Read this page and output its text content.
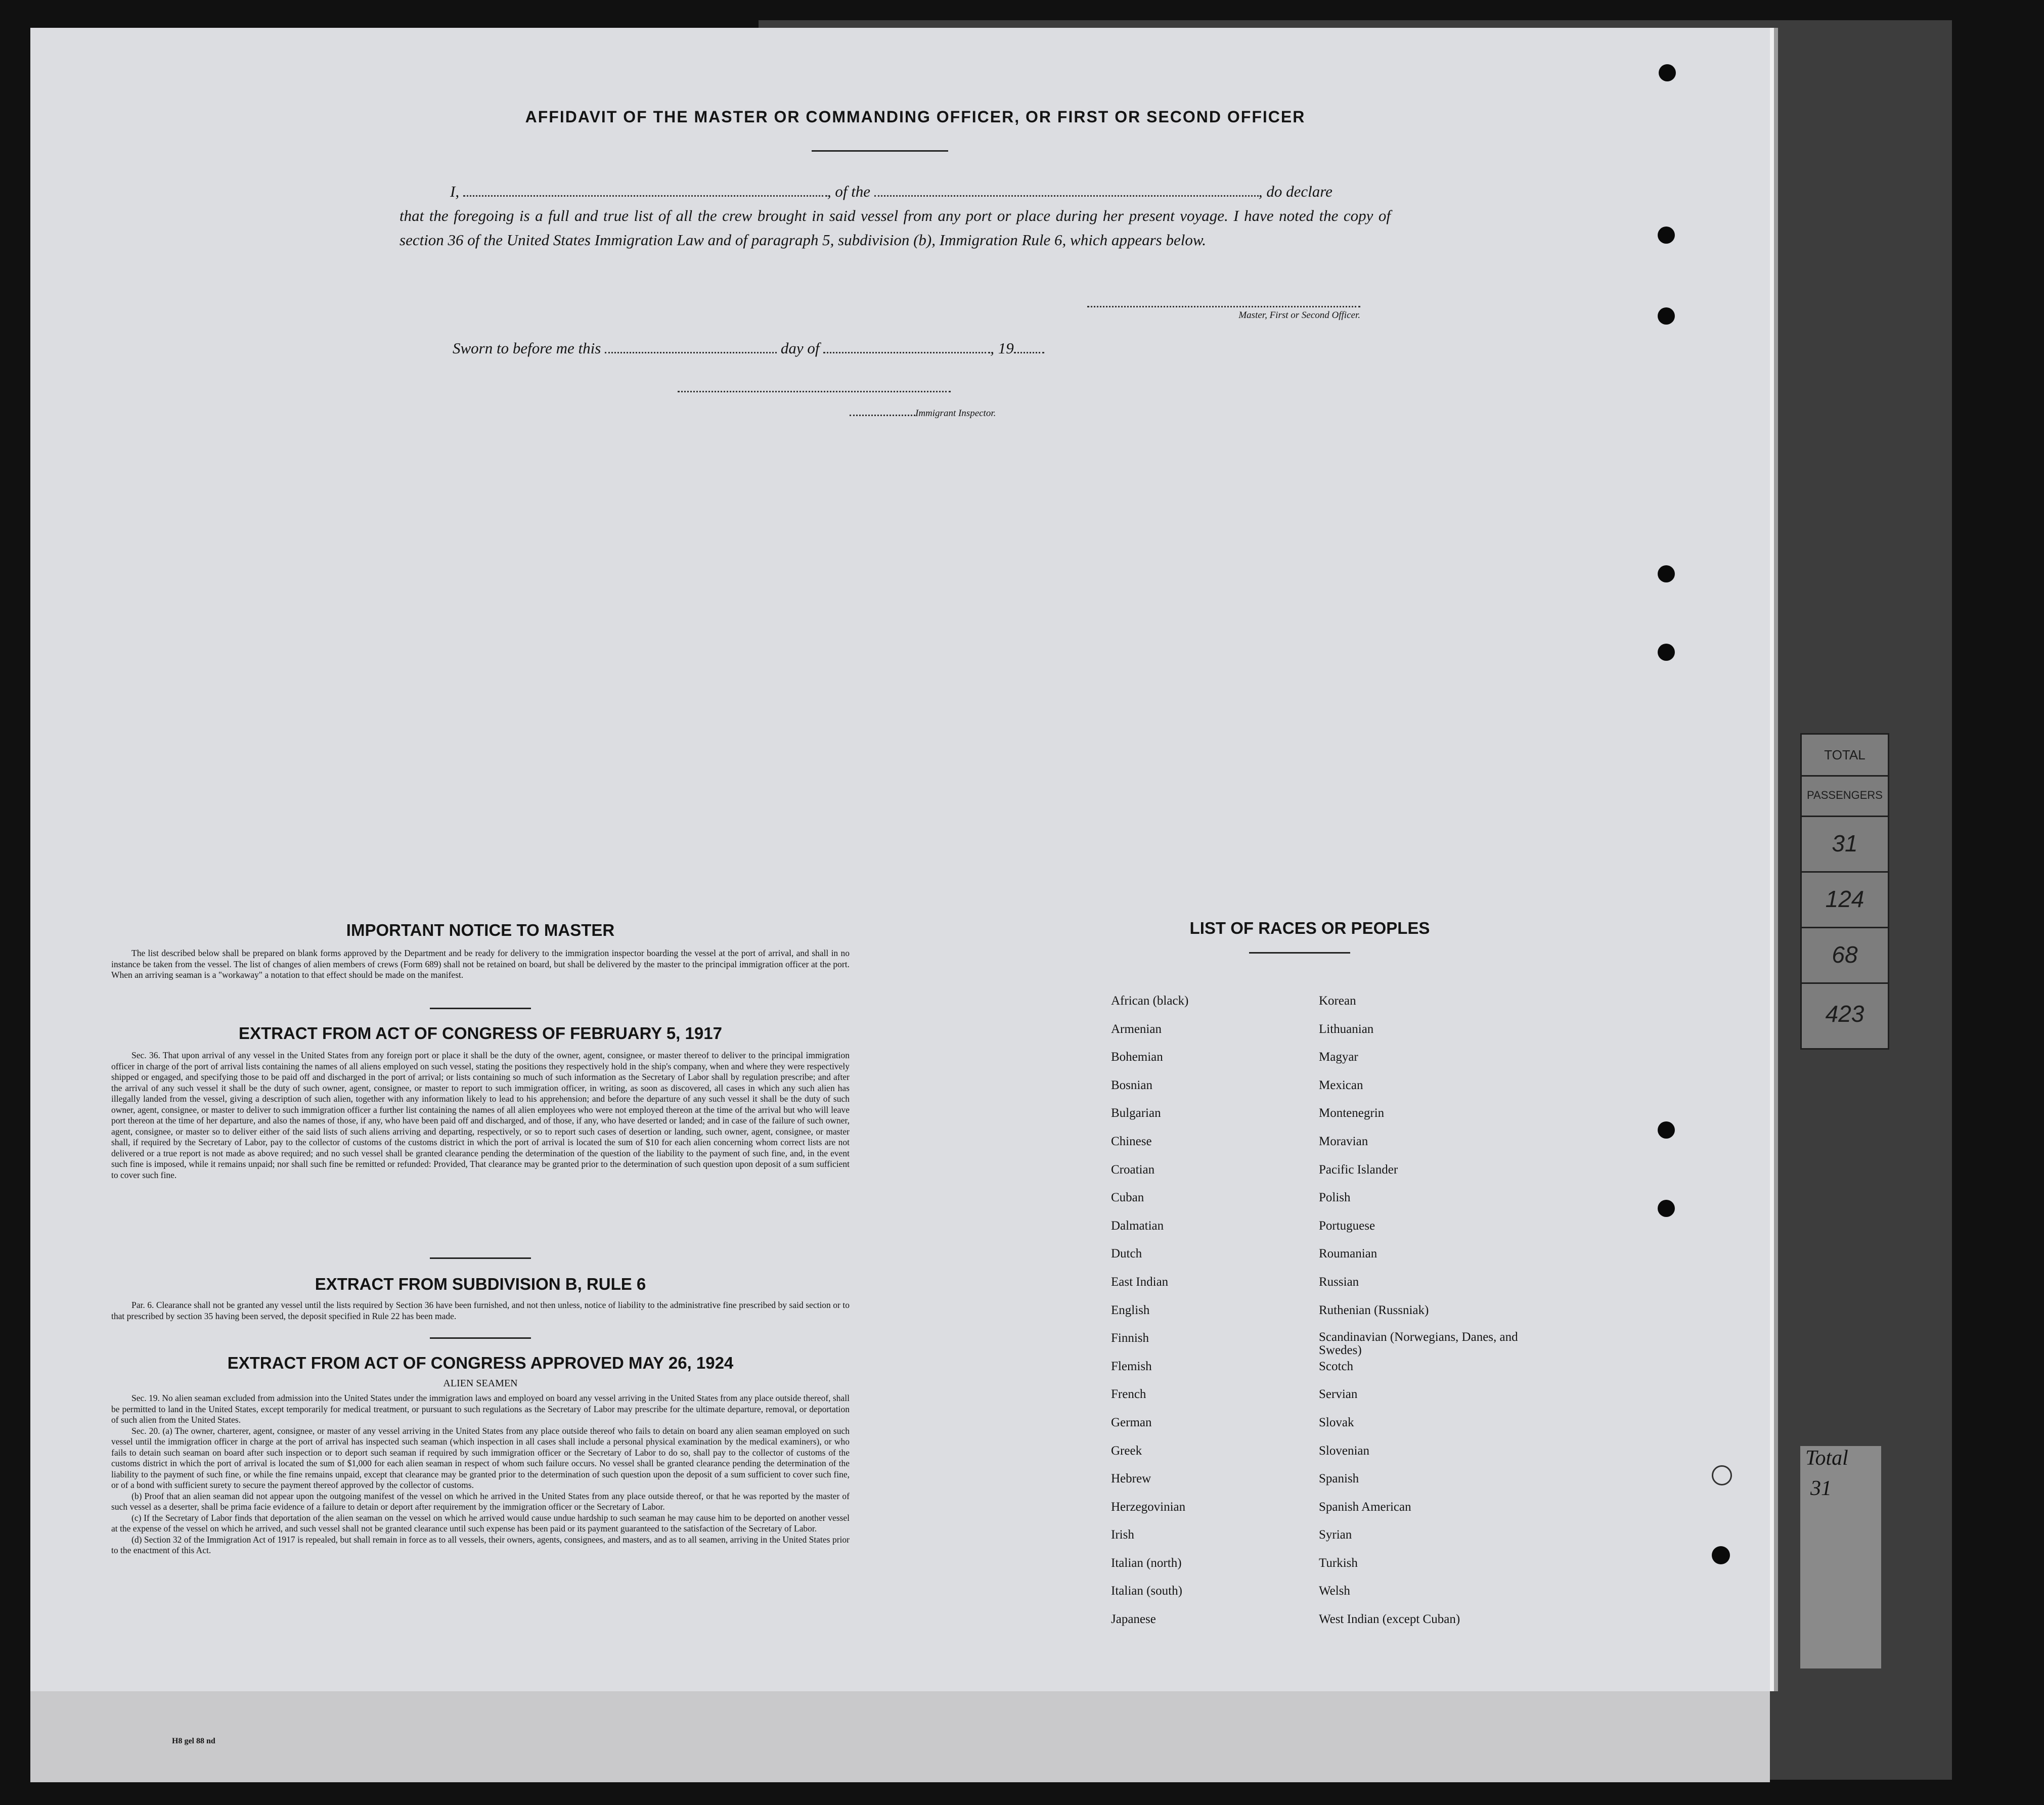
TOTAL
PASSENGERS
31
124
68
423
Total
31
H8 gel 88 nd
AFFIDAVIT OF THE MASTER OR COMMANDING OFFICER, OR FIRST OR SECOND OFFICER
I,	, of the	, do declare
that the foregoing is a full and true list of all the crew brought in said vessel from any port or place during her present voyage. I have noted the copy of section 36 of the United States Immigration Law and of paragraph 5, subdivision (b), Immigration Rule 6, which appears below.
Master, First or Second Officer.
Sworn to before me this	day of	, 19
Immigrant Inspector.
IMPORTANT NOTICE TO MASTER

The list described below shall be prepared on blank forms approved by the Department and be ready for delivery to the immigration inspector boarding the vessel at the port of arrival, and shall in no instance be taken from the vessel. The list of changes of alien members of crews (Form 689) shall not be retained on board, but shall be delivered by the master to the principal immigration officer at the port. When an arriving seaman is a "workaway" a notation to that effect should be made on the manifest.

EXTRACT FROM ACT OF CONGRESS OF FEBRUARY 5, 1917

Sec. 36. That upon arrival of any vessel in the United States from any foreign port or place it shall be the duty of the owner, agent, consignee, or master thereof to deliver to the principal immigration officer in charge of the port of arrival lists containing the names of all aliens employed on such vessel, stating the positions they respectively hold in the ship's company, when and where they were respectively shipped or engaged, and specifying those to be paid off and discharged in the port of arrival; or lists containing so much of such information as the Secretary of Labor shall by regulation prescribe; and after the arrival of any such vessel it shall be the duty of such owner, agent, consignee, or master to report to such immigration officer, in writing, as soon as discovered, all cases in which any such alien has illegally landed from the vessel, giving a description of such alien, together with any information likely to lead to his apprehension; and before the departure of any such vessel it shall be the duty of such owner, agent, consignee, or master to deliver to such immigration officer a further list containing the names of all alien employees who were not employed thereon at the time of the arrival but who will leave port thereon at the time of her departure, and also the names of those, if any, who have been paid off and discharged, and of those, if any, who have deserted or landed; and in case of the failure of such owner, agent, consignee, or master so to deliver either of the said lists of such aliens arriving and departing, respectively, or so to report such cases of desertion or landing, such owner, agent, consignee, or master shall, if required by the Secretary of Labor, pay to the collector of customs of the customs district in which the port of arrival is located the sum of $10 for each alien concerning whom correct lists are not delivered or a true report is not made as above required; and no such vessel shall be granted clearance pending the determination of the question of the liability to the payment of such fine, and, in the event such fine is imposed, while it remains unpaid; nor shall such fine be remitted or refunded: Provided, That clearance may be granted prior to the determination of such question upon deposit of a sum sufficient to cover such fine.

EXTRACT FROM SUBDIVISION B, RULE 6

Par. 6. Clearance shall not be granted any vessel until the lists required by Section 36 have been furnished, and not then unless, notice of liability to the administrative fine prescribed by said section or to that prescribed by section 35 having been served, the deposit specified in Rule 22 has been made.

EXTRACT FROM ACT OF CONGRESS APPROVED MAY 26, 1924
ALIEN SEAMEN

Sec. 19. No alien seaman excluded from admission into the United States under the immigration laws and employed on board any vessel arriving in the United States from any place outside thereof, shall be permitted to land in the United States, except temporarily for medical treatment, or pursuant to such regulations as the Secretary of Labor may prescribe for the ultimate departure, removal, or deportation of such alien from the United States.

Sec. 20. (a) The owner, charterer, agent, consignee, or master of any vessel arriving in the United States from any place outside thereof who fails to detain on board any alien seaman employed on such vessel until the immigration officer in charge at the port of arrival has inspected such seaman (which inspection in all cases shall include a personal physical examination by the medical examiners), or who fails to detain such seaman on board after such inspection or to deport such seaman if required by such immigration officer or the Secretary of Labor to do so, shall pay to the collector of customs of the customs district in which the port of arrival is located the sum of $1,000 for each alien seaman in respect of whom such failure occurs. No vessel shall be granted clearance pending the determination of the liability to the payment of such fine, or while the fine remains unpaid, except that clearance may be granted prior to the determination of such question upon the deposit of a sum sufficient to cover such fine, or of a bond with sufficient surety to secure the payment thereof approved by the collector of customs.

(b) Proof that an alien seaman did not appear upon the outgoing manifest of the vessel on which he arrived in the United States from any place outside thereof, or that he was reported by the master of such vessel as a deserter, shall be prima facie evidence of a failure to detain or deport after requirement by the immigration officer or the Secretary of Labor.

(c) If the Secretary of Labor finds that deportation of the alien seaman on the vessel on which he arrived would cause undue hardship to such seaman he may cause him to be deported on another vessel at the expense of the vessel on which he arrived, and such vessel shall not be granted clearance until such expense has been paid or its payment guaranteed to the satisfaction of the Secretary of Labor.

(d) Section 32 of the Immigration Act of 1917 is repealed, but shall remain in force as to all vessels, their owners, agents, consignees, and masters, and as to all seamen, arriving in the United States prior to the enactment of this Act.

LIST OF RACES OR PEOPLES
African (black)
Armenian
Bohemian
Bosnian
Bulgarian
Chinese
Croatian
Cuban
Dalmatian
Dutch
East Indian
English
Finnish
Flemish
French
German
Greek
Hebrew
Herzegovinian
Irish
Italian (north)
Italian (south)
Japanese
Korean
Lithuanian
Magyar
Mexican
Montenegrin
Moravian
Pacific Islander
Polish
Portuguese
Roumanian
Russian
Ruthenian (Russniak)
Scandinavian (Norwegians, Danes, and Swedes)
Scotch
Servian
Slovak
Slovenian
Spanish
Spanish American
Syrian
Turkish
Welsh
West Indian (except Cuban)
